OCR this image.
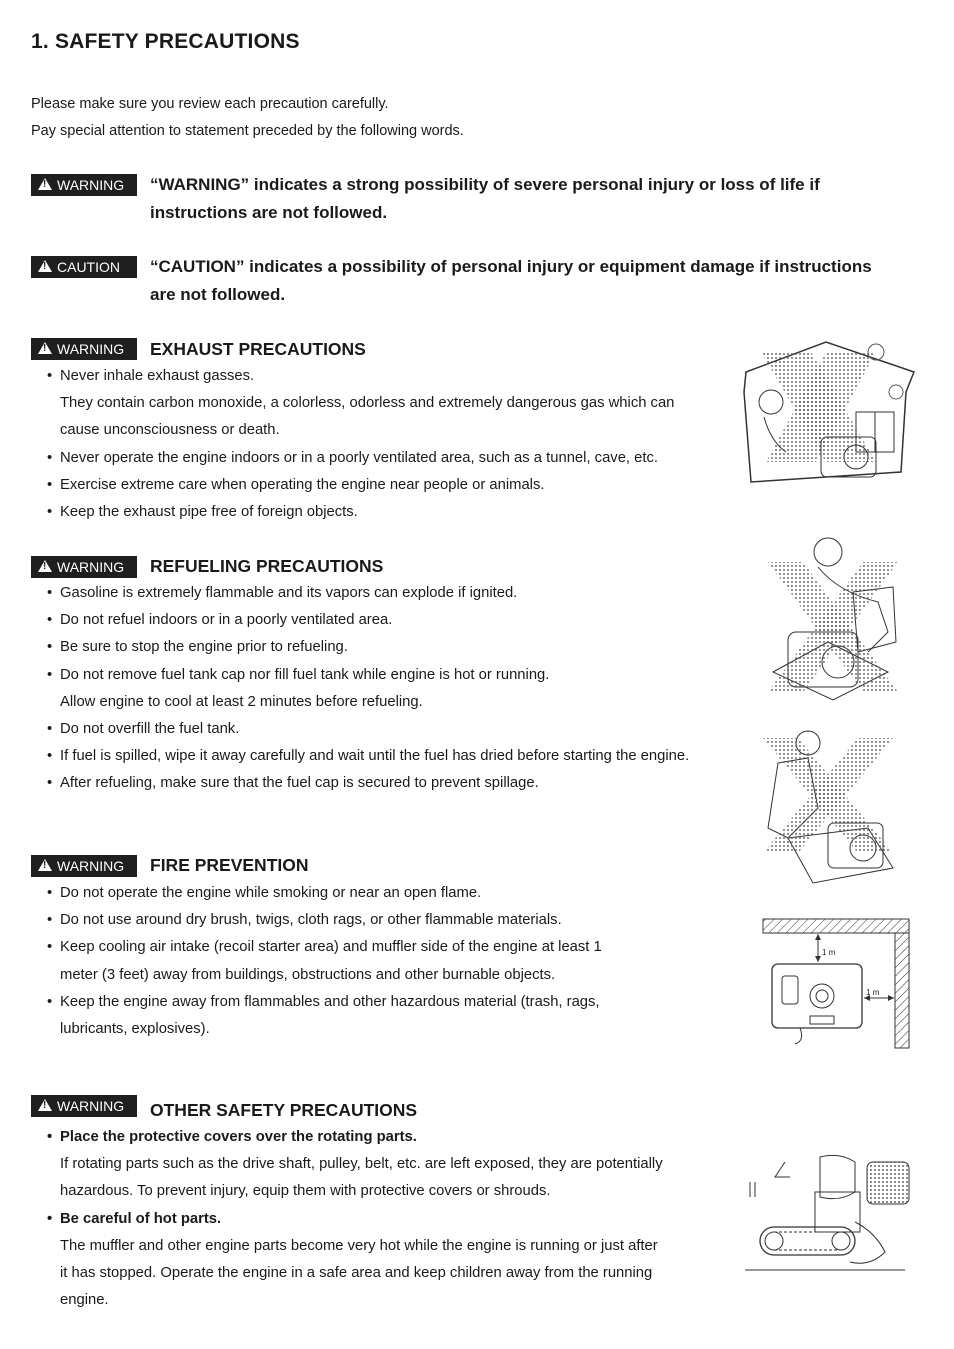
1. SAFETY PRECAUTIONS
Please make sure you review each precaution carefully.
Pay special attention to statement preceded by the following words.
!
WARNING “WARNING” indicates a strong possibility of severe personal injury or loss of life if
instructions are not followed.
!
CAUTION “CAUTION” indicates a possibility of personal injury or equipment damage if instructions
are not followed.
!
WARNING EXHAUST PRECAUTIONS
• Never inhale exhaust gasses.
They contain carbon monoxide, a colorless, odorless and extremely dangerous gas which can
cause unconsciousness or death.
• Never operate the engine indoors or in a poorly ventilated area, such as a tunnel, cave, etc.
• Exercise extreme care when operating the engine near people or animals.
• Keep the exhaust pipe free of foreign objects.
!
WARNING REFUELING PRECAUTIONS
• Gasoline is extremely flammable and its vapors can explode if ignited.
• Do not refuel indoors or in a poorly ventilated area.
• Be sure to stop the engine prior to refueling.
• Do not remove fuel tank cap nor fill fuel tank while engine is hot or running.
Allow engine to cool at least 2 minutes before refueling.
• Do not overfill the fuel tank.
• If fuel is spilled, wipe it away carefully and wait until the fuel has dried before starting the engine.
• After refueling, make sure that the fuel cap is secured to prevent spillage.
!
WARNING FIRE PREVENTION
• Do not operate the engine while smoking or near an open flame.
• Do not use around dry brush, twigs, cloth rags, or other flammable materials.
• Keep cooling air intake (recoil starter area) and muffler side of the engine at least 1
meter (3 feet) away from buildings, obstructions and other burnable objects.
• Keep the engine away from flammables and other hazardous material (trash, rags,
lubricants, explosives).
!
WARNING OTHER SAFETY PRECAUTIONS
• Place the protective covers over the rotating parts.
If rotating parts such as the drive shaft, pulley, belt, etc. are left exposed, they are potentially
hazardous. To prevent injury, equip them with protective covers or shrouds.
• Be careful of hot parts.
The muffler and other engine parts become very hot while the engine is running or just after
it has stopped. Operate the engine in a safe area and keep children away from the running
engine.
1 m
1 m
